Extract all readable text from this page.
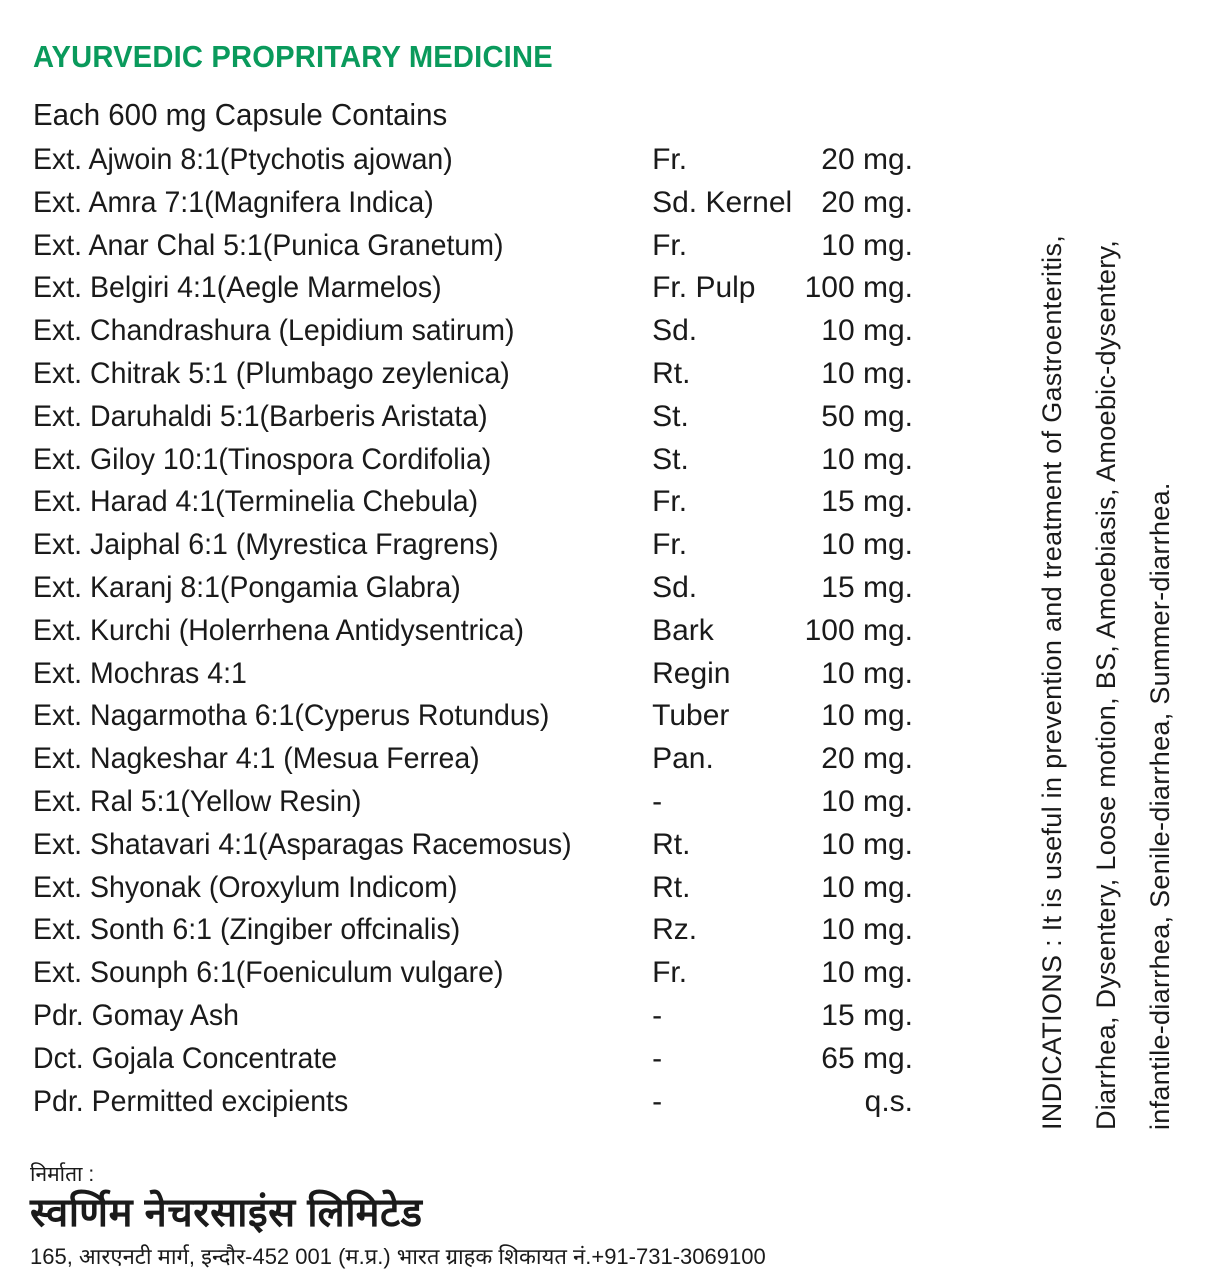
AYURVEDIC PROPRITARY MEDICINE
Each 600 mg Capsule Contains
Ext. Ajwoin 8:1(Ptychotis ajowan)	Fr.	20 mg.
Ext. Amra 7:1(Magnifera Indica)	Sd. Kernel	20 mg.
Ext. Anar Chal 5:1(Punica Granetum)	Fr.	10 mg.
Ext. Belgiri 4:1(Aegle Marmelos)	Fr. Pulp	100 mg.
Ext. Chandrashura (Lepidium satirum)	Sd.	10 mg.
Ext. Chitrak 5:1 (Plumbago zeylenica)	Rt.	10 mg.
Ext. Daruhaldi 5:1(Barberis Aristata)	St.	50 mg.
Ext. Giloy 10:1(Tinospora Cordifolia)	St.	10 mg.
Ext. Harad 4:1(Terminelia Chebula)	Fr.	15 mg.
Ext. Jaiphal 6:1 (Myrestica Fragrens)	Fr.	10 mg.
Ext. Karanj 8:1(Pongamia Glabra)	Sd.	15 mg.
Ext. Kurchi (Holerrhena Antidysentrica)	Bark	100 mg.
Ext. Mochras 4:1	Regin	10 mg.
Ext. Nagarmotha 6:1(Cyperus Rotundus)	Tuber	10 mg.
Ext. Nagkeshar 4:1 (Mesua Ferrea)	Pan.	20 mg.
Ext. Ral 5:1(Yellow Resin)	-	10 mg.
Ext. Shatavari 4:1(Asparagas Racemosus)	Rt.	10 mg.
Ext. Shyonak (Oroxylum Indicom)	Rt.	10 mg.
Ext. Sonth 6:1 (Zingiber offcinalis)	Rz.	10 mg.
Ext. Sounph 6:1(Foeniculum vulgare)	Fr.	10 mg.
Pdr. Gomay Ash	-	15 mg.
Dct. Gojala Concentrate	-	65 mg.
Pdr. Permitted excipients	-	q.s.	INDICATIONS : It is useful in prevention and treatment of Gastroenteritis, Diarrhea, Dysentery, Loose motion, BS, Amoebiasis, Amoebic-dysentery, infantile-diarrhea, Senile-diarrhea, Summer-diarrhea.
निर्माता :
स्वर्णिम नेचरसाइंस लिमिटेड
165, आरएनटी मार्ग, इन्दौर-452 001 (म.प्र.) भारत ग्राहक शिकायत नं.+91-731-3069100
